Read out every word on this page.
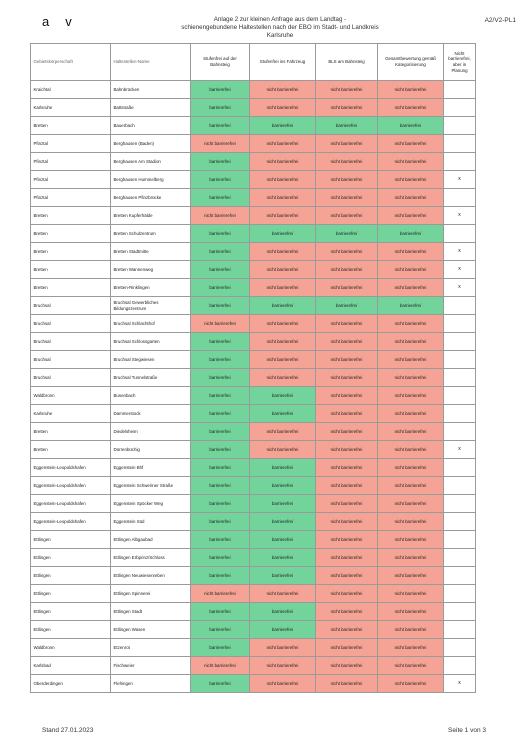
a v	Anlage 2 zur kleinen Anfrage aus dem Landtag -
schienengebundene Haltestellen nach der EBO im Stadt- und Landkreis Karlsruhe
A2/V2-PL1
Gebietskörperschaft	Haltestellen-Name	Stufenfrei auf der Bahnsteig	Stufenfrei ins Fahrzeug	BLS am Bahnsteig	Gesamtbewertung gemäß Kategorisierung	Nicht barrierefrei, aber in Planung
Kraichtal	Bahnbrücken	barrierefrei	nicht barrierefrei	nicht barrierefrei	nicht barrierefrei	
Karlsruhe	Battstraße	barrierefrei	nicht barrierefrei	nicht barrierefrei	nicht barrierefrei	
Bretten	Bauerbach	barrierefrei	barrierefrei	barrierefrei	barrierefrei	
Pfinztal	Berghausen (Baden)	nicht barrierefrei	nicht barrierefrei	nicht barrierefrei	nicht barrierefrei	
Pfinztal	Berghausen Am Stadion	barrierefrei	nicht barrierefrei	nicht barrierefrei	nicht barrierefrei	
Pfinztal	Berghausen Hummelberg	barrierefrei	nicht barrierefrei	nicht barrierefrei	nicht barrierefrei	x
Pfinztal	Berghausen Pfinzbrücke	barrierefrei	nicht barrierefrei	nicht barrierefrei	nicht barrierefrei	
Bretten	Bretten Kupferhälde	nicht barrierefrei	nicht barrierefrei	nicht barrierefrei	nicht barrierefrei	x
Bretten	Bretten Schulzentrum	barrierefrei	barrierefrei	barrierefrei	barrierefrei	
Bretten	Bretten Stadtmitte	barrierefrei	nicht barrierefrei	nicht barrierefrei	nicht barrierefrei	x
Bretten	Bretten Wannenweg	barrierefrei	nicht barrierefrei	nicht barrierefrei	nicht barrierefrei	x
Bretten	Bretten-Rinklingen	barrierefrei	nicht barrierefrei	nicht barrierefrei	nicht barrierefrei	x
Bruchsal	Bruchsal Gewerbliches Bildungszentrum	barrierefrei	barrierefrei	barrierefrei	barrierefrei	
Bruchsal	Bruchsal Schlachthof	nicht barrierefrei	nicht barrierefrei	nicht barrierefrei	nicht barrierefrei	
Bruchsal	Bruchsal Schlossgarten	barrierefrei	nicht barrierefrei	nicht barrierefrei	nicht barrierefrei	
Bruchsal	Bruchsal Stegwiesen	barrierefrei	nicht barrierefrei	nicht barrierefrei	nicht barrierefrei	
Bruchsal	Bruchsal Tunnelstraße	barrierefrei	nicht barrierefrei	nicht barrierefrei	nicht barrierefrei	
Waldbronn	Busenbach	barrierefrei	barrierefrei	nicht barrierefrei	nicht barrierefrei	
Karlsruhe	Dammerstock	barrierefrei	barrierefrei	nicht barrierefrei	nicht barrierefrei	
Bretten	Diedelsheim	barrierefrei	nicht barrierefrei	nicht barrierefrei	nicht barrierefrei	
Bretten	Dürrenbüchig	barrierefrei	nicht barrierefrei	nicht barrierefrei	nicht barrierefrei	x
Eggenstein-Leopoldshafen	Eggenstein Bhf	barrierefrei	barrierefrei	nicht barrierefrei	nicht barrierefrei	
Eggenstein-Leopoldshafen	Eggenstein Schweriner Straße	barrierefrei	barrierefrei	nicht barrierefrei	nicht barrierefrei	
Eggenstein-Leopoldshafen	Eggenstein Spöcker Weg	barrierefrei	barrierefrei	nicht barrierefrei	nicht barrierefrei	
Eggenstein-Leopoldshafen	Eggenstein Süd	barrierefrei	barrierefrei	nicht barrierefrei	nicht barrierefrei	
Ettlingen	Ettlingen Albgaubad	barrierefrei	barrierefrei	nicht barrierefrei	nicht barrierefrei	
Ettlingen	Ettlingen Erbprinz/Schloss	barrierefrei	barrierefrei	nicht barrierefrei	nicht barrierefrei	
Ettlingen	Ettlingen Neuwiesenreben	barrierefrei	barrierefrei	nicht barrierefrei	nicht barrierefrei	
Ettlingen	Ettlingen Spinnerei	nicht barrierefrei	nicht barrierefrei	nicht barrierefrei	nicht barrierefrei	
Ettlingen	Ettlingen Stadt	barrierefrei	barrierefrei	nicht barrierefrei	nicht barrierefrei	
Ettlingen	Ettlingen Wasen	barrierefrei	barrierefrei	nicht barrierefrei	nicht barrierefrei	
Waldbronn	Etzenrot	barrierefrei	nicht barrierefrei	nicht barrierefrei	nicht barrierefrei	
Karlsbad	Fischweier	nicht barrierefrei	nicht barrierefrei	nicht barrierefrei	nicht barrierefrei	
Oberderdingen	Flehingen	barrierefrei	nicht barrierefrei	nicht barrierefrei	nicht barrierefrei	x
Stand 27.01.2023	Seite 1 von 3
